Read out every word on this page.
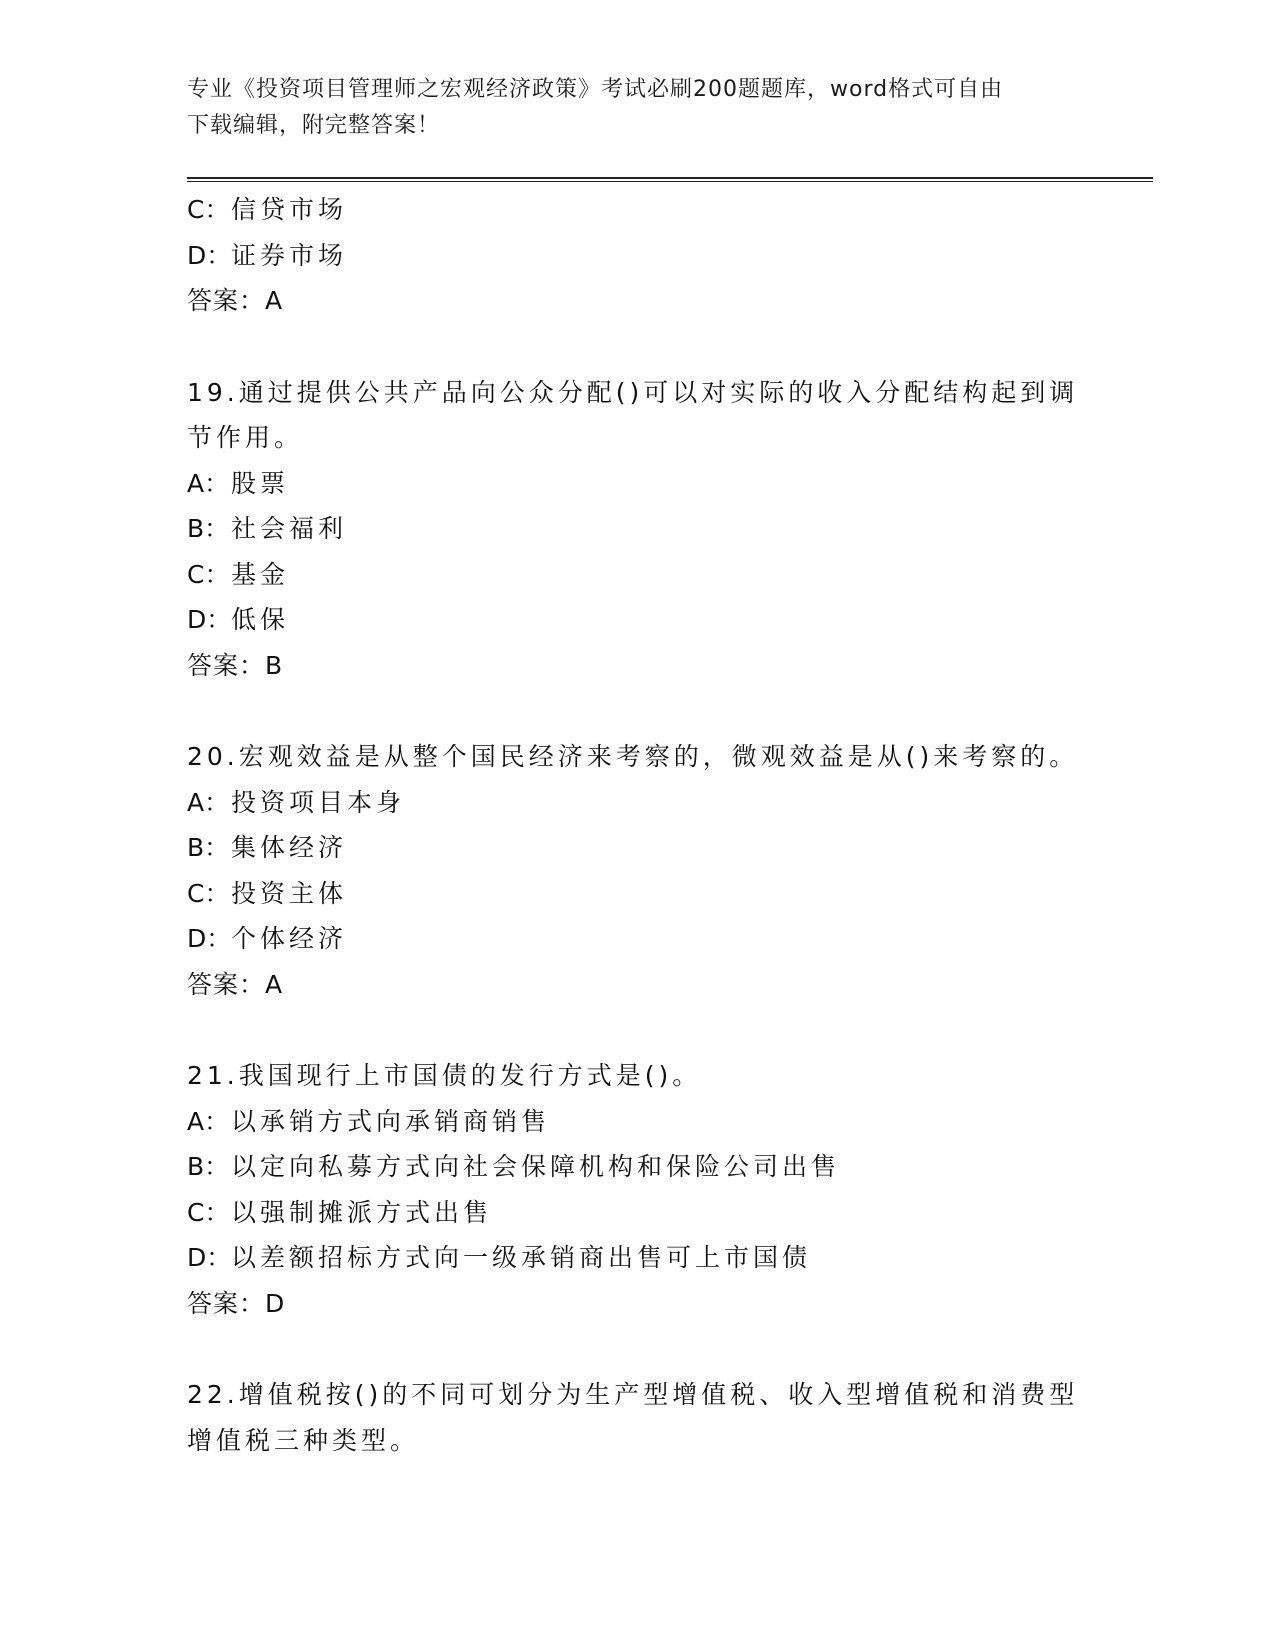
专业《投资项目管理师之宏观经济政策》考试必刷200题题库，word格式可自由
下载编辑，附完整答案！
C：信贷市场
D：证券市场
答案：A
19.通过提供公共产品向公众分配()可以对实际的收入分配结构起到调
节作用。
A：股票
B：社会福利
C：基金
D：低保
答案：B
20.宏观效益是从整个国民经济来考察的，微观效益是从()来考察的。
A：投资项目本身
B：集体经济
C：投资主体
D：个体经济
答案：A
21.我国现行上市国债的发行方式是()。
A：以承销方式向承销商销售
B：以定向私募方式向社会保障机构和保险公司出售
C：以强制摊派方式出售
D：以差额招标方式向一级承销商出售可上市国债
答案：D
22.增值税按()的不同可划分为生产型增值税、收入型增值税和消费型
增值税三种类型。
